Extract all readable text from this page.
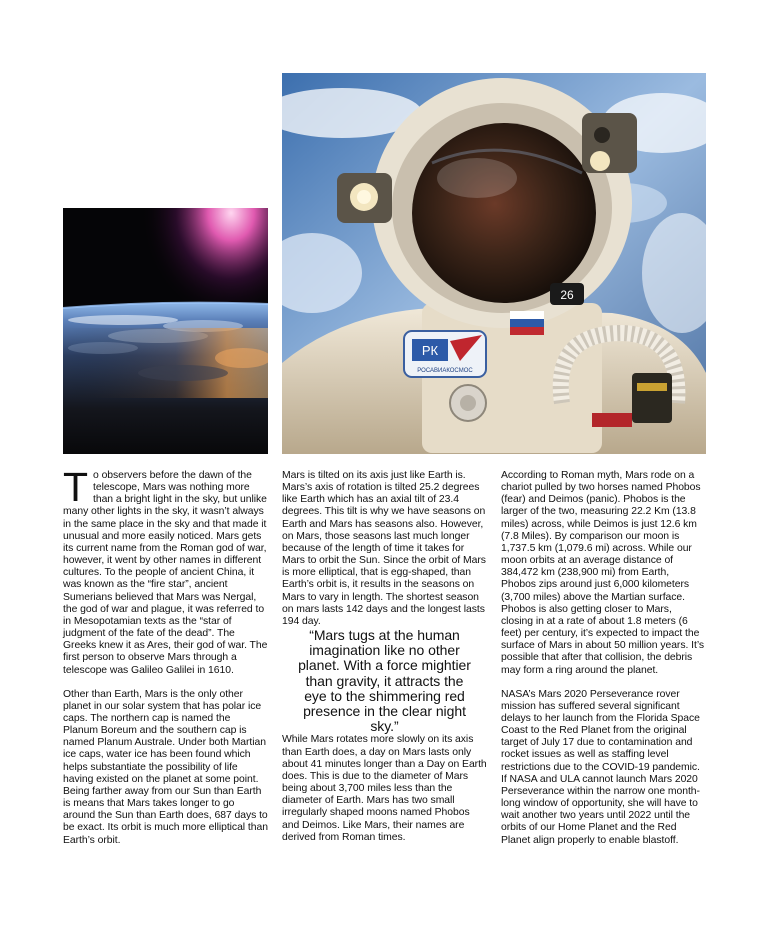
РК
РОСАВИАКОСМОС
26

To observers before the dawn of the telescope, Mars was nothing more than a bright light in the sky, but unlike many other lights in the sky, it wasn’t always in the same place in the sky and that made it unusual and more easily noticed. Mars gets its current name from the Roman god of war, however, it went by other names in different cultures. To the people of ancient China, it was known as the “fire star”, ancient Sumerians believed that Mars was Nergal, the god of war and plague, it was referred to in Mesopotamian texts as the “star of judgment of the fate of the dead”. The Greeks knew it as Ares, their god of war. The first person to observe Mars through a telescope was Galileo Galilei in 1610.

Other than Earth, Mars is the only other planet in our solar system that has polar ice caps. The northern cap is named the Planum Boreum and the southern cap is named Planum Australe. Under both Martian ice caps, water ice has been found which helps substantiate the possibility of life having existed on the planet at some point. Being farther away from our Sun than Earth is means that Mars takes longer to go around the Sun than Earth does, 687 days to be exact. Its orbit is much more elliptical than Earth’s orbit.

Mars is tilted on its axis just like Earth is. Mars’s axis of rotation is tilted 25.2 degrees like Earth which has an axial tilt of 23.4 degrees. This tilt is why we have seasons on Earth and Mars has seasons also. However, on Mars, those seasons last much longer because of the length of time it takes for Mars to orbit the Sun. Since the orbit of Mars is more elliptical, that is egg-shaped, than Earth’s orbit is, it results in the seasons on Mars to vary in length. The shortest season on mars lasts 142 days and the longest lasts 194 day.

“Mars tugs at the human imagination like no other planet. With a force mightier than gravity, it attracts the eye to the shimmering red presence in the clear night sky.”

While Mars rotates more slowly on its axis than Earth does, a day on Mars lasts only about 41 minutes longer than a Day on Earth does. This is due to the diameter of Mars being about 3,700 miles less than the diameter of Earth. Mars has two small irregularly shaped moons named Phobos and Deimos. Like Mars, their names are derived from Roman times.

According to Roman myth, Mars rode on a chariot pulled by two horses named Phobos (fear) and Deimos (panic). Phobos is the larger of the two, measuring 22.2 Km (13.8 miles) across, while Deimos is just 12.6 km (7.8 Miles). By comparison our moon is 1,737.5 km (1,079.6 mi) across. While our moon orbits at an average distance of 384,472 km (238,900 mi) from Earth, Phobos zips around just 6,000 kilometers (3,700 miles) above the Martian surface. Phobos is also getting closer to Mars, closing in at a rate of about 1.8 meters (6 feet) per century, it’s expected to impact the surface of Mars in about 50 million years. It’s possible that after that collision, the debris may form a ring around the planet.

NASA’s Mars 2020 Perseverance rover mission has suffered several significant delays to her launch from the Florida Space Coast to the Red Planet from the original target of July 17 due to contamination and rocket issues as well as staffing level restrictions due to the COVID-19 pandemic. If NASA and ULA cannot launch Mars 2020 Perseverance within the narrow one month-long window of opportunity, she will have to wait another two years until 2022 until the orbits of our Home Planet and the Red Planet align properly to enable blastoff.
